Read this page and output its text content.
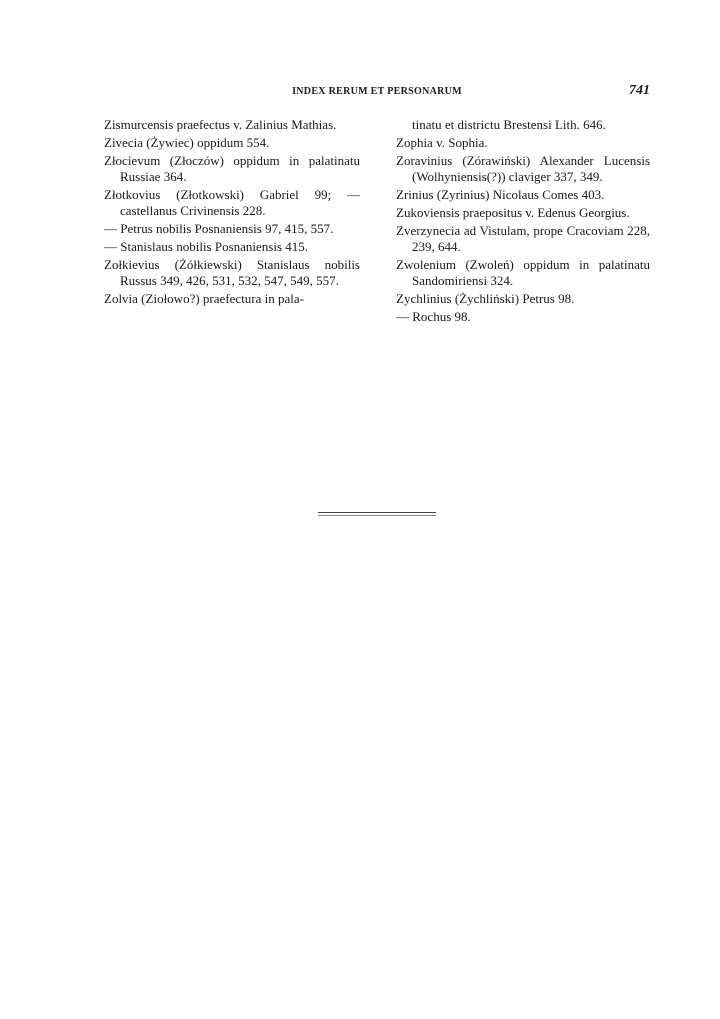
INDEX RERUM ET PERSONARUM	741

Zismurcensis praefectus v. Zalinius Mathias.

Zivecia (Żywiec) oppidum 554.

Złocievum (Złoczów) oppidum in palatinatu Russiae 364.

Złotkovius (Złotkowski) Gabriel 99; — castellanus Crivinensis 228.

— Petrus nobilis Posnaniensis 97, 415, 557.

— Stanislaus nobilis Posnaniensis 415.

Zołkievius (Żółkiewski) Stanislaus nobilis Russus 349, 426, 531, 532, 547, 549, 557.

Zolvia (Ziołowo?) praefectura in pala-

tinatu et districtu Brestensi Lith. 646.

Zophia v. Sophia.

Zoravinius (Zórawiński) Alexander Lucensis (Wolhyniensis(?)) claviger 337, 349.

Zrinius (Zyrinius) Nicolaus Comes 403.

Zukoviensis praepositus v. Edenus Georgius.

Zverzynecia ad Vistulam, prope Cracoviam 228, 239, 644.

Zwolenium (Zwoleń) oppidum in palatinatu Sandomiriensi 324.

Zychlinius (Żychliński) Petrus 98.

— Rochus 98.
